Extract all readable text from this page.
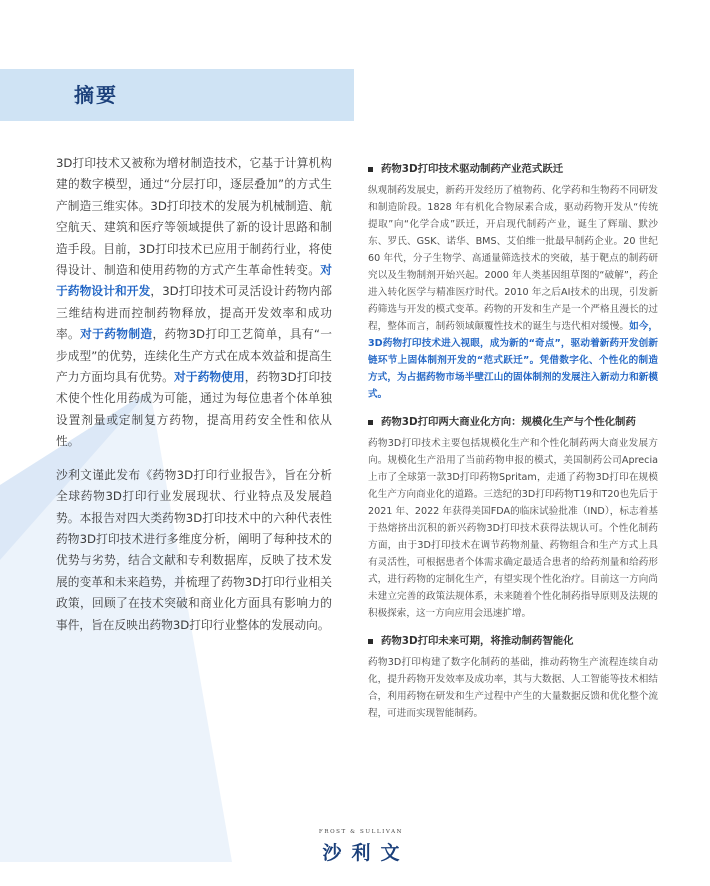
摘要

3D打印技术又被称为增材制造技术，它基于计算机构建的数字模型，通过“分层打印，逐层叠加”的方式生产制造三维实体。3D打印技术的发展为机械制造、航空航天、建筑和医疗等领域提供了新的设计思路和制造手段。目前，3D打印技术已应用于制药行业，将使得设计、制造和使用药物的方式产生革命性转变。对于药物设计和开发，3D打印技术可灵活设计药物内部三维结构进而控制药物释放，提高开发效率和成功率。对于药物制造，药物3D打印工艺简单，具有“一步成型”的优势，连续化生产方式在成本效益和提高生产力方面均具有优势。对于药物使用，药物3D打印技术使个性化用药成为可能，通过为每位患者个体单独设置剂量或定制复方药物，提高用药安全性和依从性。

沙利文谨此发布《药物3D打印行业报告》，旨在分析全球药物3D打印行业发展现状、行业特点及发展趋势。本报告对四大类药物3D打印技术中的六种代表性药物3D打印技术进行多维度分析，阐明了每种技术的优势与劣势，结合文献和专利数据库，反映了技术发展的变革和未来趋势，并梳理了药物3D打印行业相关政策，回顾了在技术突破和商业化方面具有影响力的事件，旨在反映出药物3D打印行业整体的发展动向。

药物3D打印技术驱动制药产业范式跃迁
纵观制药发展史，新药开发经历了植物药、化学药和生物药不同研发和制造阶段。1828 年有机化合物尿素合成，驱动药物开发从“传统提取”向“化学合成”跃迁，开启现代制药产业，诞生了辉瑞、默沙东、罗氏、GSK、诺华、BMS、艾伯维一批最早制药企业。20 世纪 60 年代，分子生物学、高通量筛选技术的突破，基于靶点的制药研究以及生物制剂开始兴起。2000 年人类基因组草图的“破解”，药企进入转化医学与精准医疗时代。2010 年之后AI技术的出现，引发新药筛选与开发的模式变革。药物的开发和生产是一个严格且漫长的过程，整体而言，制药领域颠覆性技术的诞生与迭代相对缓慢。如今，3D药物打印技术进入视眼，成为新的“奇点”，驱动着新药开发创新链环节上固体制剂开发的“范式跃迁”。凭借数字化、个性化的制造方式，为占据药物市场半壁江山的固体制剂的发展注入新动力和新模式。
药物3D打印两大商业化方向：规模化生产与个性化制药
药物3D打印技术主要包括规模化生产和个性化制药两大商业发展方向。规模化生产沿用了当前药物申报的模式，美国制药公司Aprecia上市了全球第一款3D打印药物Spritam，走通了药物3D打印在规模化生产方向商业化的道路。三迭纪的3D打印药物T19和T20也先后于 2021 年、2022 年获得美国FDA的临床试验批准（IND），标志着基于热熔挤出沉积的新兴药物3D打印技术获得法规认可。个性化制药方面，由于3D打印技术在调节药物剂量、药物组合和生产方式上具有灵活性，可根据患者个体需求确定最适合患者的给药剂量和给药形式，进行药物的定制化生产，有望实现个性化治疗。目前这一方向尚未建立完善的政策法规体系，未来随着个性化制药指导原则及法规的积极探索，这一方向应用会迅速扩增。
药物3D打印未来可期，将推动制药智能化
药物3D打印构建了数字化制药的基础，推动药物生产流程连续自动化，提升药物开发效率及成功率，其与大数据、人工智能等技术相结合，利用药物在研发和生产过程中产生的大量数据反馈和优化整个流程，可进而实现智能制药。
FROST & SULLIVAN
沙利文
